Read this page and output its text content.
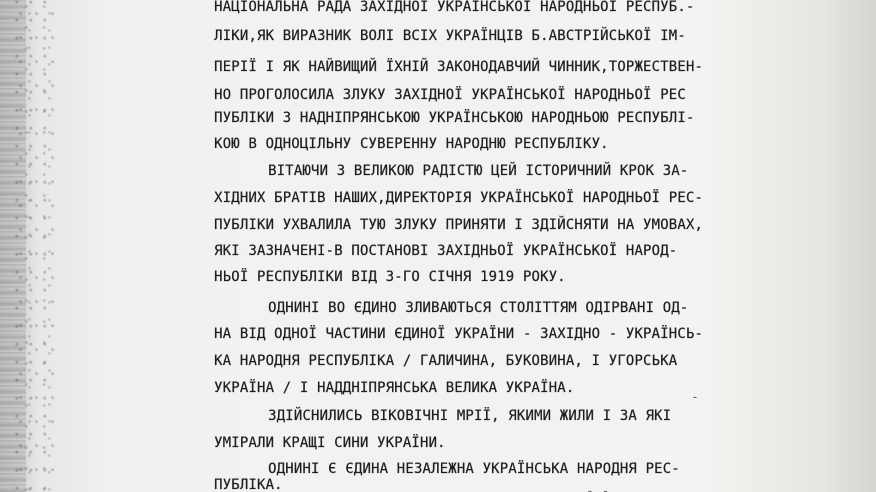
НАЦІОНАЛЬНА РАДА ЗАХІДНОЇ УКРАЇНСЬКОЇ НАРОДНЬОЇ РЕСПУБ.-
ЛІКИ,ЯК ВИРАЗНИК ВОЛІ ВСІХ УКРАЇНЦІВ Б.АВСТРІЙСЬКОЇ ІМ-
ПЕРІЇ І ЯК НАЙВИЩИЙ ЇХНІЙ ЗАКОНОДАВЧИЙ ЧИННИК,ТОРЖЕСТВЕН-
НО ПРОГОЛОСИЛА ЗЛУКУ ЗАХІДНОЇ УКРАЇНСЬКОЇ НАРОДНЬОЇ РЕС
ПУБЛІКИ З НАДНІПРЯНСЬКОЮ УКРАЇНСЬКОЮ НАРОДНЬОЮ РЕСПУБЛІ-
КОЮ В ОДНОЦІЛЬНУ СУВЕРЕННУ НАРОДНЮ РЕСПУБЛІКУ.
ВІТАЮЧИ З ВЕЛИКОЮ РАДІСТЮ ЦЕЙ ІСТОРИЧНИЙ КРОК ЗА-
ХІДНИХ БРАТІВ НАШИХ,ДИРЕКТОРІЯ УКРАЇНСЬКОЇ НАРОДНЬОЇ РЕС-
ПУБЛІКИ УХВАЛИЛА ТУЮ ЗЛУКУ ПРИНЯТИ І ЗДІЙСНЯТИ НА УМОВАХ,
ЯКІ ЗАЗНАЧЕНІ-В ПОСТАНОВІ ЗАХІДНЬОЇ УКРАЇНСЬКОЇ НАРОД-
НЬОЇ РЕСПУБЛІКИ ВІД 3-ГО СІЧНЯ 1919 РОКУ.
ОДНИНІ ВО ЄДИНО ЗЛИВАЮТЬСЯ СТОЛІТТЯМ ОДІРВАНІ ОД-
НА ВІД ОДНОЇ ЧАСТИНИ ЄДИНОЇ УКРАЇНИ - ЗАХІДНО - УКРАЇНСЬ-
КА НАРОДНЯ РЕСПУБЛІКА / ГАЛИЧИНА, БУКОВИНА, І УГОРСЬКА
УКРАЇНА / І НАДДНІПРЯНСЬКА ВЕЛИКА УКРАЇНА.
ЗДІЙСНИЛИСЬ ВІКОВІЧНІ МРІЇ, ЯКИМИ ЖИЛИ І ЗА ЯКІ
УМІРАЛИ КРАЩІ СИНИ УКРАЇНИ.
ОДНИНІ Є ЄДИНА НЕЗАЛЕЖНА УКРАЇНСЬКА НАРОДНЯ РЕС-
ПУБЛІКА.
-
- -
